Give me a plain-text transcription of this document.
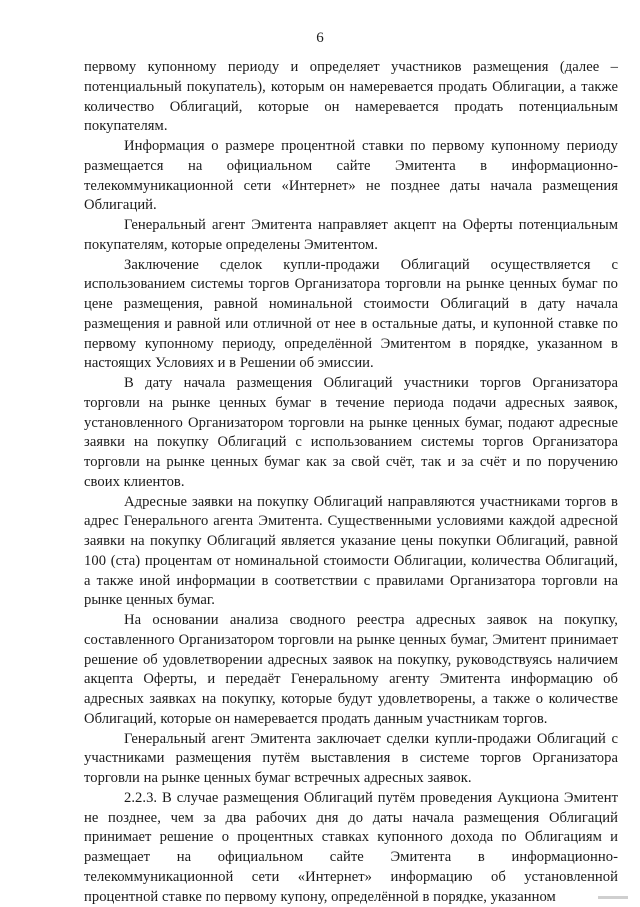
6

первому купонному периоду и определяет участников размещения (далее – потенциальный покупатель), которым он намеревается продать Облигации, а также количество Облигаций, которые он намеревается продать потенциальным покупателям.

Информация о размере процентной ставки по первому купонному периоду размещается на официальном сайте Эмитента в информационно-телекоммуникационной сети «Интернет» не позднее даты начала размещения Облигаций.

Генеральный агент Эмитента направляет акцепт на Оферты потенциальным покупателям, которые определены Эмитентом.

Заключение сделок купли-продажи Облигаций осуществляется с использованием системы торгов Организатора торговли на рынке ценных бумаг по цене размещения, равной номинальной стоимости Облигаций в дату начала размещения и равной или отличной от нее в остальные даты, и купонной ставке по первому купонному периоду, определённой Эмитентом в порядке, указанном в настоящих Условиях и в Решении об эмиссии.

В дату начала размещения Облигаций участники торгов Организатора торговли на рынке ценных бумаг в течение периода подачи адресных заявок, установленного Организатором торговли на рынке ценных бумаг, подают адресные заявки на покупку Облигаций с использованием системы торгов Организатора торговли на рынке ценных бумаг как за свой счёт, так и за счёт и по поручению своих клиентов.

Адресные заявки на покупку Облигаций направляются участниками торгов в адрес Генерального агента Эмитента. Существенными условиями каждой адресной заявки на покупку Облигаций является указание цены покупки Облигаций, равной 100 (ста) процентам от номинальной стоимости Облигации, количества Облигаций, а также иной информации в соответствии с правилами Организатора торговли на рынке ценных бумаг.

На основании анализа сводного реестра адресных заявок на покупку, составленного Организатором торговли на рынке ценных бумаг, Эмитент принимает решение об удовлетворении адресных заявок на покупку, руководствуясь наличием акцепта Оферты, и передаёт Генеральному агенту Эмитента информацию об адресных заявках на покупку, которые будут удовлетворены, а также о количестве Облигаций, которые он намеревается продать данным участникам торгов.

Генеральный агент Эмитента заключает сделки купли-продажи Облигаций с участниками размещения путём выставления в системе торгов Организатора торговли на рынке ценных бумаг встречных адресных заявок.

2.2.3. В случае размещения Облигаций путём проведения Аукциона Эмитент не позднее, чем за два рабочих дня до даты начала размещения Облигаций принимает решение о процентных ставках купонного дохода по Облигациям и размещает на официальном сайте Эмитента в информационно-телекоммуникационной сети «Интернет» информацию об установленной процентной ставке по первому купону, определённой в порядке, указанном
